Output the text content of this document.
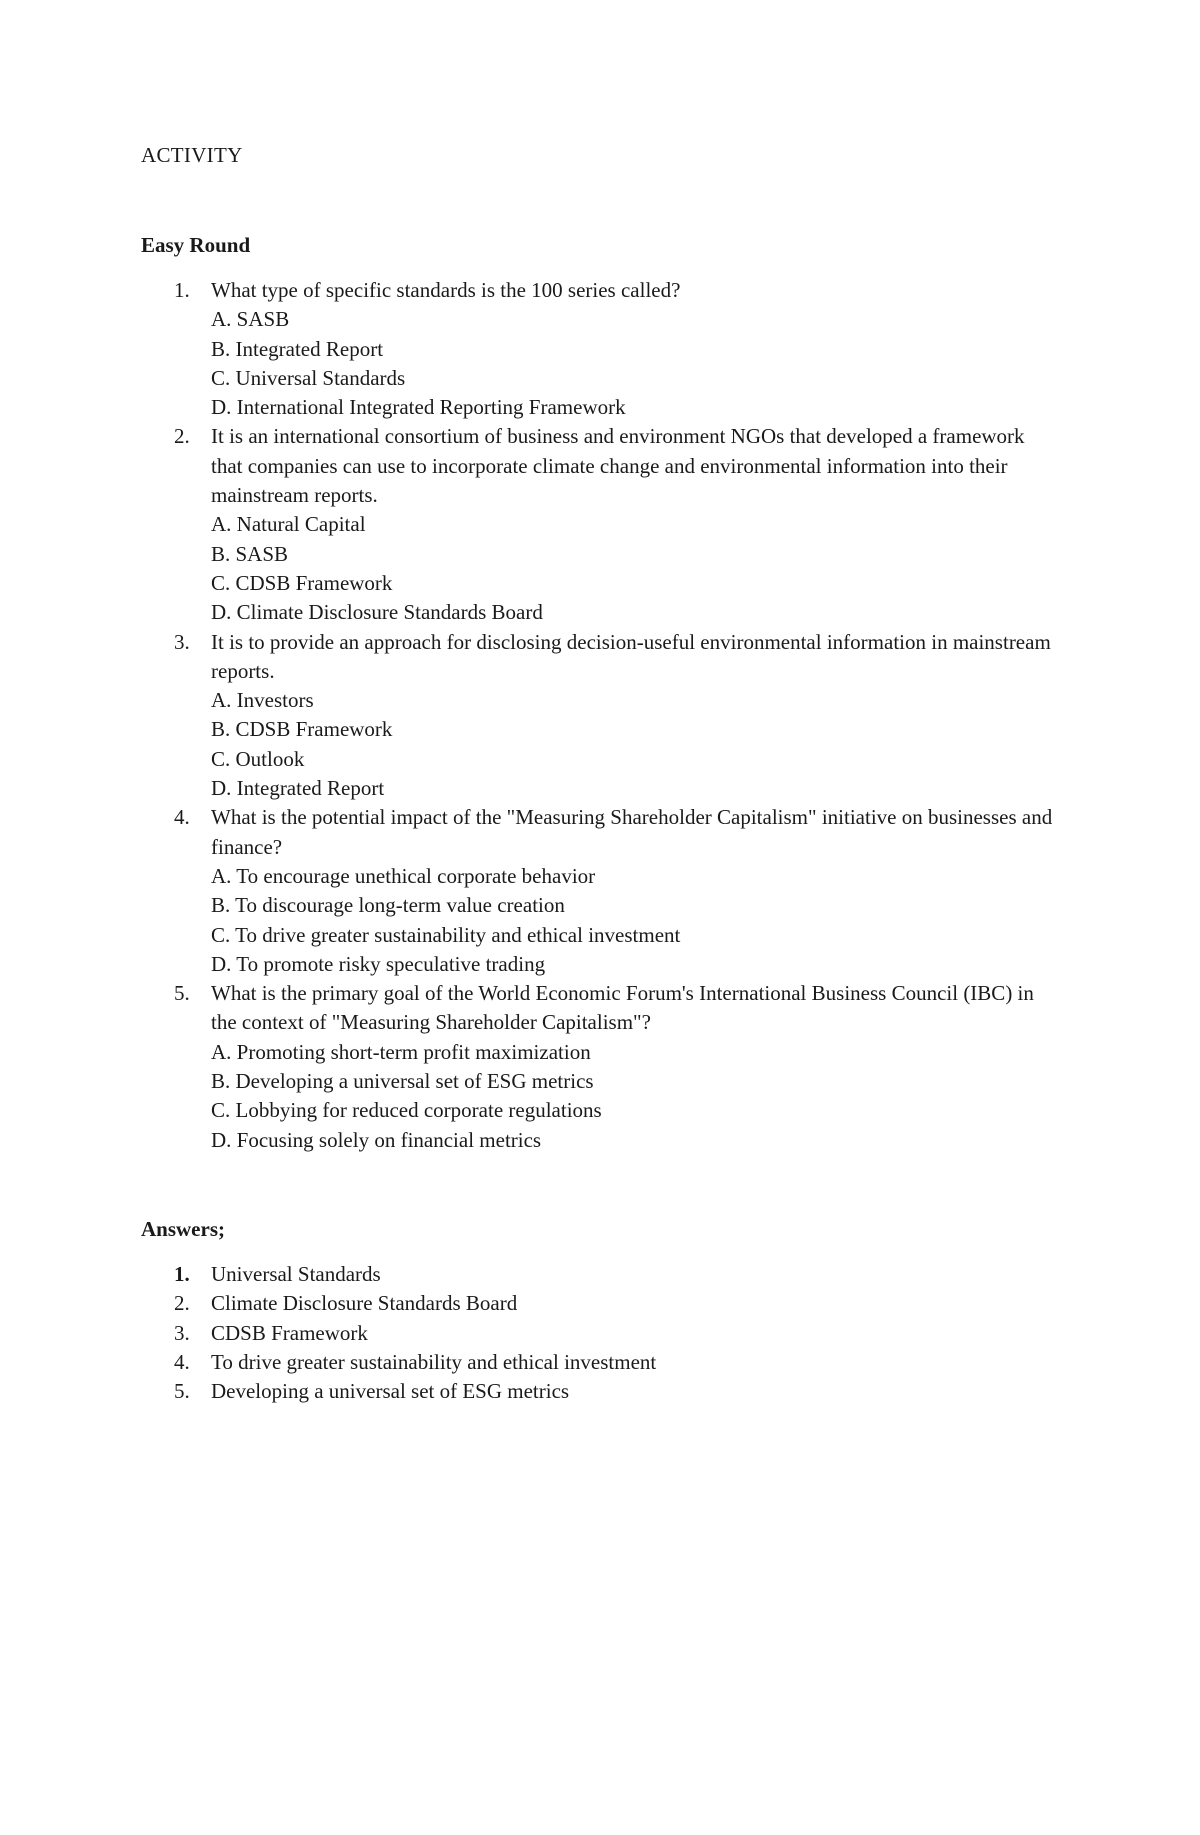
ACTIVITY
Easy Round
1. What type of specific standards is the 100 series called?
A. SASB
B. Integrated Report
C. Universal Standards
D. International Integrated Reporting Framework
2. It is an international consortium of business and environment NGOs that developed a framework that companies can use to incorporate climate change and environmental information into their mainstream reports.
A. Natural Capital
B. SASB
C. CDSB Framework
D. Climate Disclosure Standards Board
3. It is to provide an approach for disclosing decision-useful environmental information in mainstream reports.
A. Investors
B. CDSB Framework
C. Outlook
D. Integrated Report
4. What is the potential impact of the "Measuring Shareholder Capitalism" initiative on businesses and finance?
A. To encourage unethical corporate behavior
B. To discourage long-term value creation
C. To drive greater sustainability and ethical investment
D. To promote risky speculative trading
5. What is the primary goal of the World Economic Forum's International Business Council (IBC) in the context of "Measuring Shareholder Capitalism"?
A. Promoting short-term profit maximization
B. Developing a universal set of ESG metrics
C. Lobbying for reduced corporate regulations
D. Focusing solely on financial metrics
Answers;
1. Universal Standards
2. Climate Disclosure Standards Board
3. CDSB Framework
4. To drive greater sustainability and ethical investment
5. Developing a universal set of ESG metrics
